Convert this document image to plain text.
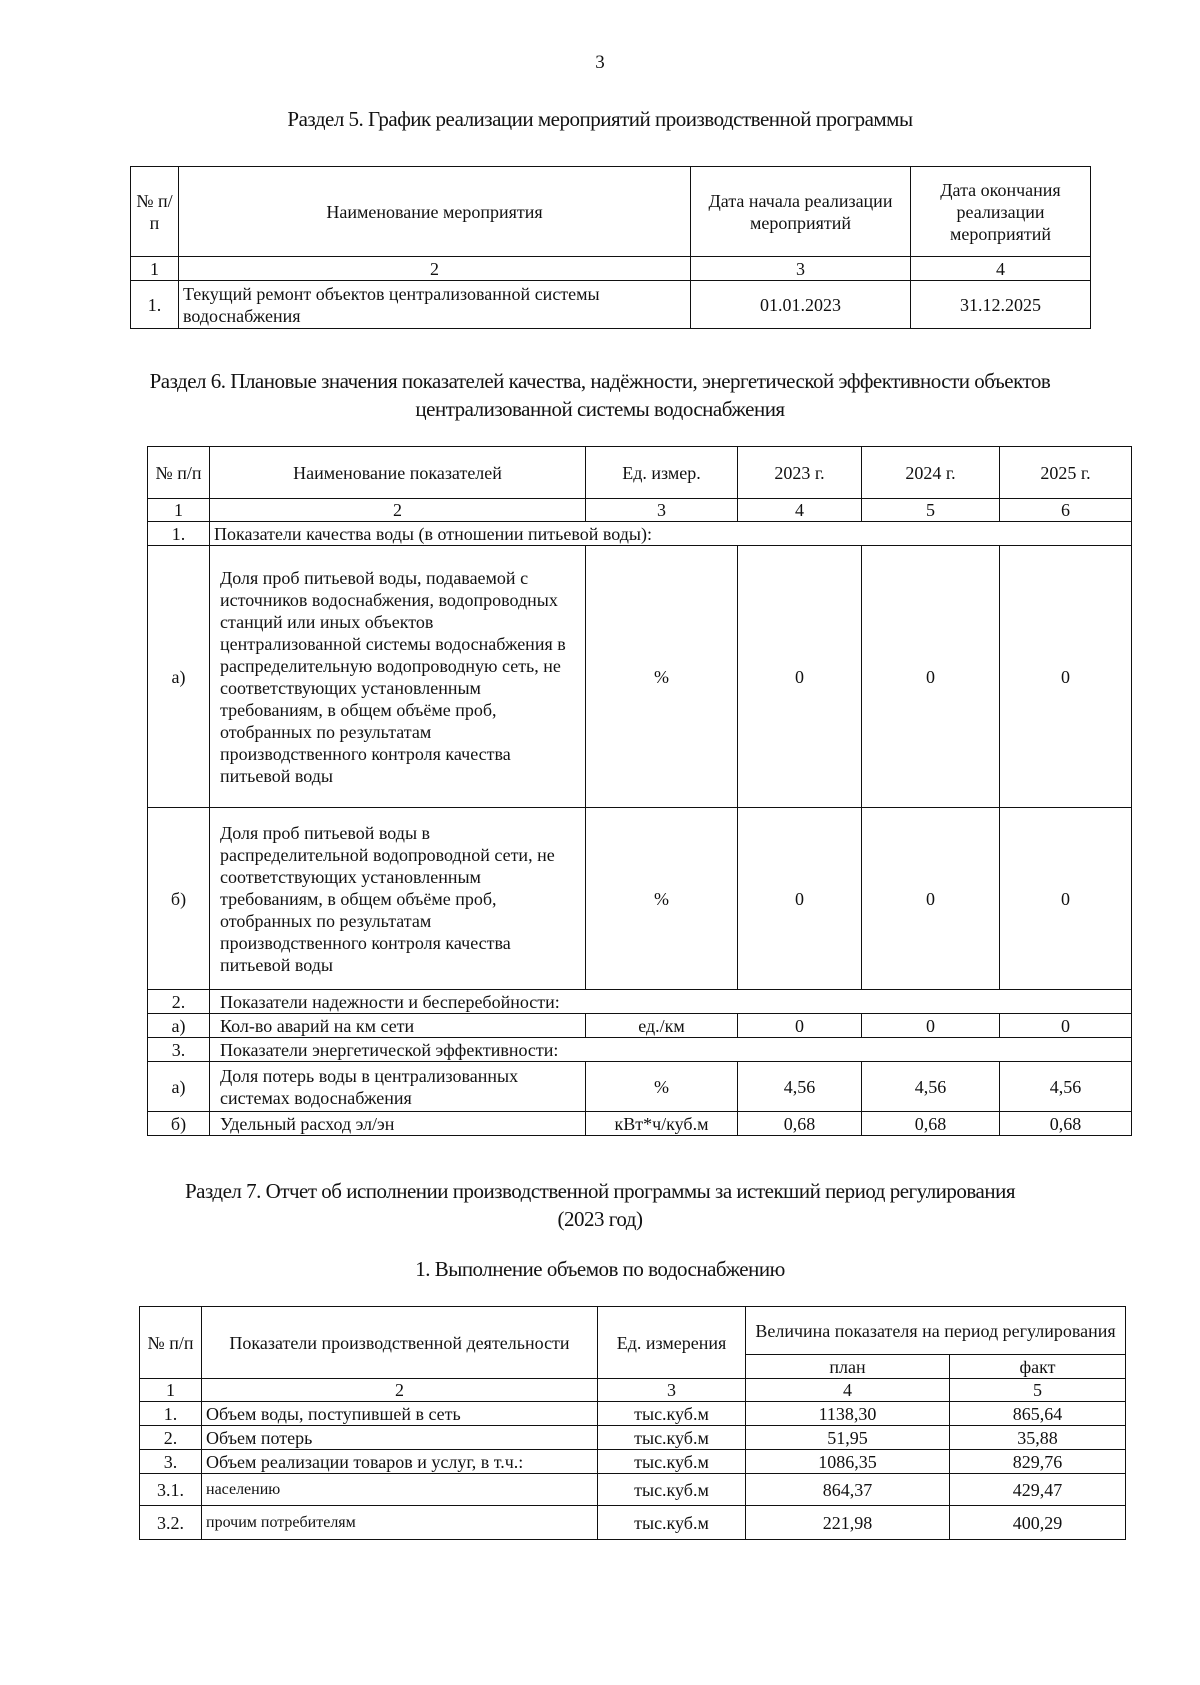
3
Раздел 5. График реализации мероприятий производственной программы
№ п/п	Наименование мероприятия	Дата начала реализации мероприятий	Дата окончания реализации мероприятий
1	2	3	4
1.	Текущий ремонт объектов централизованной системы водоснабжения	01.01.2023	31.12.2025
Раздел 6. Плановые значения показателей качества, надёжности, энергетической эффективности объектов
централизованной системы водоснабжения
№ п/п	Наименование показателей	Ед. измер.	2023 г.	2024 г.	2025 г.
1	2	3	4	5	6
1.	Показатели качества воды (в отношении питьевой воды):				
а)	Доля проб питьевой воды, подаваемой с источников водоснабжения, водопроводных станций или иных объектов централизованной системы водоснабжения в распределительную водопроводную сеть, не соответствующих установленным требованиям, в общем объёме проб, отобранных по результатам производственного контроля качества питьевой воды	%	0	0	0
б)	Доля проб питьевой воды в распределительной водопроводной сети, не соответствующих установленным требованиям, в общем объёме проб, отобранных по результатам производственного контроля качества питьевой воды	%	0	0	0
2.	Показатели надежности и бесперебойности:				
а)	Кол-во аварий на км сети	ед./км	0	0	0
3.	Показатели энергетической эффективности:				
а)	Доля потерь воды в централизованных системах водоснабжения	%	4,56	4,56	4,56
б)	Удельный расход эл/эн	кВт*ч/куб.м	0,68	0,68	0,68
Раздел 7. Отчет об исполнении производственной программы за истекший период регулирования
(2023 год)
1. Выполнение объемов по водоснабжению
№ п/п	Показатели производственной деятельности	Ед. измерения	Величина показателя на период регулирования	
			план	факт
1	2	3	4	5
1.	Объем воды, поступившей в сеть	тыс.куб.м	1138,30	865,64
2.	Объем потерь	тыс.куб.м	51,95	35,88
3.	Объем реализации товаров и услуг, в т.ч.:	тыс.куб.м	1086,35	829,76
3.1.	населению	тыс.куб.м	864,37	429,47
3.2.	прочим потребителям	тыс.куб.м	221,98	400,29
